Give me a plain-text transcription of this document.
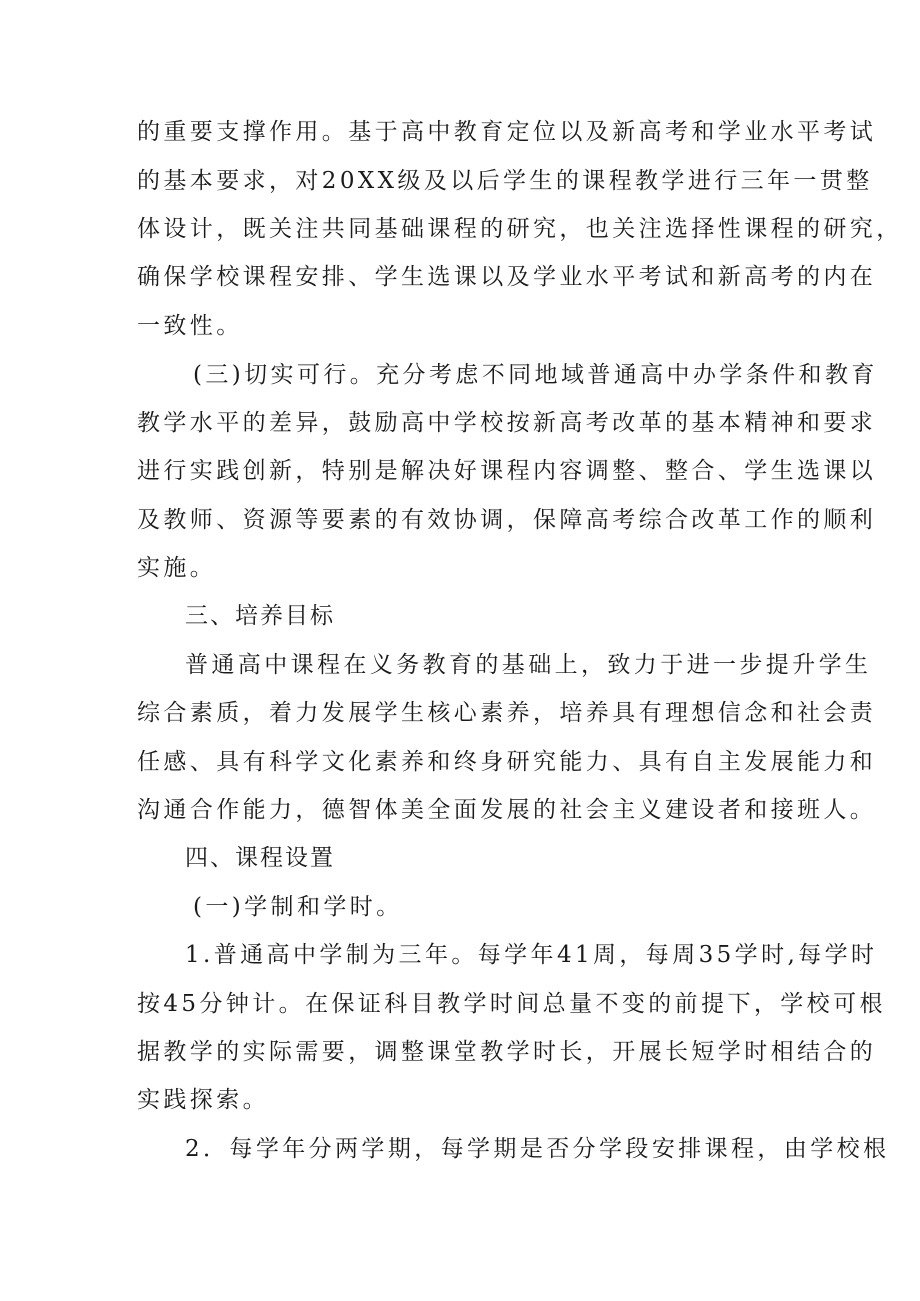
的重要支撑作用。基于高中教育定位以及新高考和学业水平考试
的基本要求，对20XX级及以后学生的课程教学进行三年一贯整
体设计，既关注共同基础课程的研究，也关注选择性课程的研究，
确保学校课程安排、学生选课以及学业水平考试和新高考的内在
一致性。
(三)切实可行。充分考虑不同地域普通高中办学条件和教育
教学水平的差异，鼓励高中学校按新高考改革的基本精神和要求
进行实践创新，特别是解决好课程内容调整、整合、学生选课以
及教师、资源等要素的有效协调，保障高考综合改革工作的顺利
实施。
三、培养目标
普通高中课程在义务教育的基础上，致力于进一步提升学生
综合素质，着力发展学生核心素养，培养具有理想信念和社会责
任感、具有科学文化素养和终身研究能力、具有自主发展能力和
沟通合作能力，德智体美全面发展的社会主义建设者和接班人。
四、课程设置
(一)学制和学时。
1.普通高中学制为三年。每学年41周，每周35学时,每学时
按45分钟计。在保证科目教学时间总量不变的前提下，学校可根
据教学的实际需要，调整课堂教学时长，开展长短学时相结合的
实践探索。
2．每学年分两学期，每学期是否分学段安排课程，由学校根
